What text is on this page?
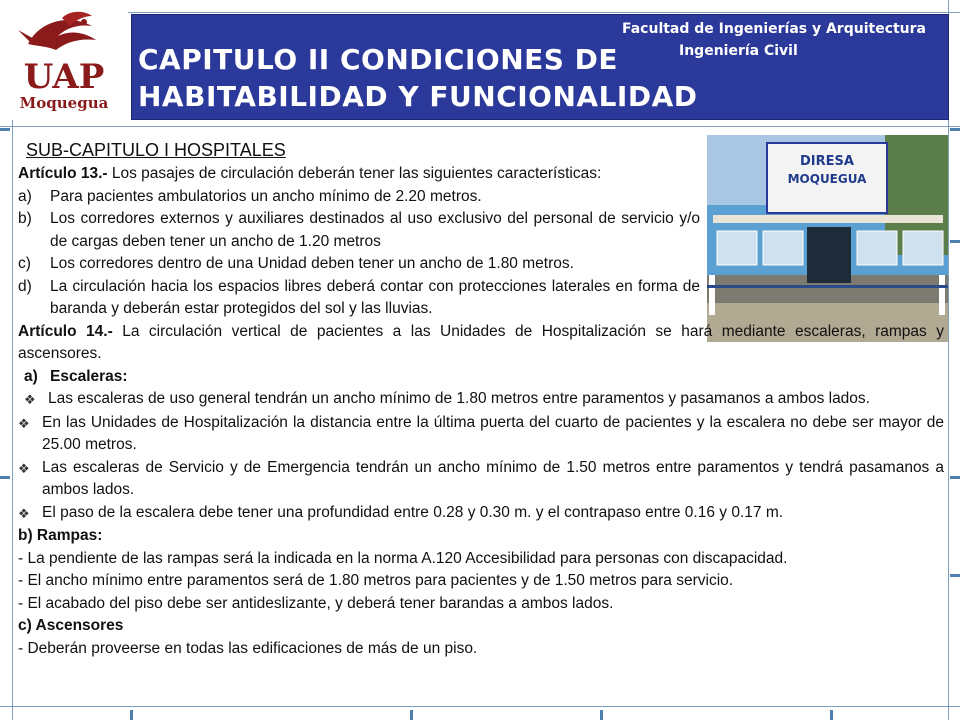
UAP
Moquegua
Facultad de Ingenierías y Arquitectura
Ingeniería Civil
CAPITULO II CONDICIONES DE HABITABILIDAD Y FUNCIONALIDAD
DIRESA
MOQUEGUA
SUB-CAPITULO I HOSPITALES
Artículo 13.- Los pasajes de circulación deberán tener las siguientes características:
a)	Para pacientes ambulatorios un ancho mínimo de 2.20 metros.
b)	Los corredores externos y auxiliares destinados al uso exclusivo del personal de servicio y/o de cargas deben tener un ancho de 1.20 metros
c)	Los corredores dentro de una Unidad deben tener un ancho de 1.80 metros.
d)	La circulación hacia los espacios libres deberá contar con protecciones laterales en forma de baranda y deberán estar protegidos del sol y las lluvias.
Artículo 14.- La circulación vertical de pacientes a las Unidades de Hospitalización se hará mediante escaleras, rampas y ascensores.
a) Escaleras:
❖ Las escaleras de uso general tendrán un ancho mínimo de 1.80 metros entre paramentos y pasamanos a ambos lados.
❖ En las Unidades de Hospitalización la distancia entre la última puerta del cuarto de pacientes y la escalera no debe ser mayor de 25.00 metros.
❖ Las escaleras de Servicio y de Emergencia tendrán un ancho mínimo de 1.50 metros entre paramentos y tendrá pasamanos a ambos lados.
❖ El paso de la escalera debe tener una profundidad entre 0.28 y 0.30 m. y el contrapaso entre 0.16 y 0.17 m.
b) Rampas:
- La pendiente de las rampas será la indicada en la norma A.120 Accesibilidad para personas con discapacidad.
- El ancho mínimo entre paramentos será de 1.80 metros para pacientes y de 1.50 metros para servicio.
- El acabado del piso debe ser antideslizante, y deberá tener barandas a ambos lados.
c) Ascensores
- Deberán proveerse en todas las edificaciones de más de un piso.
